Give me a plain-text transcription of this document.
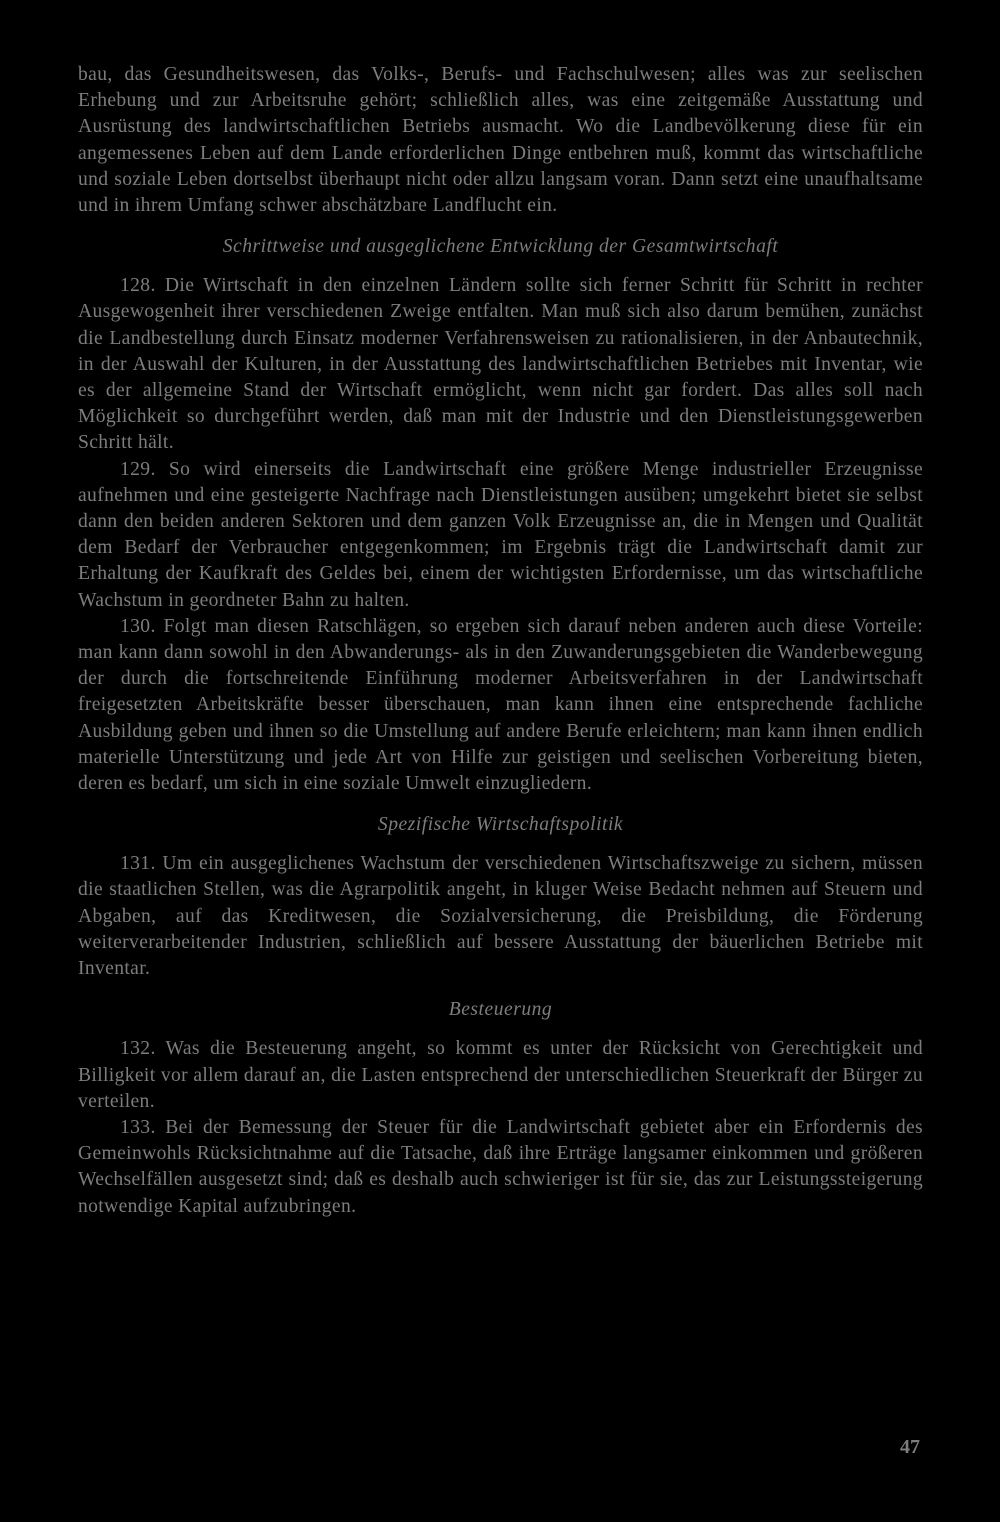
bau, das Gesundheitswesen, das Volks-, Berufs- und Fachschulwesen; alles was zur seelischen Erhebung und zur Arbeitsruhe gehört; schließlich alles, was eine zeitgemäße Ausstattung und Ausrüstung des landwirtschaftlichen Betriebs ausmacht. Wo die Landbevölkerung diese für ein angemessenes Leben auf dem Lande erforderlichen Dinge entbehren muß, kommt das wirtschaftliche und soziale Leben dortselbst überhaupt nicht oder allzu langsam voran. Dann setzt eine unaufhaltsame und in ihrem Umfang schwer abschätzbare Landflucht ein.

Schrittweise und ausgeglichene Entwicklung der Gesamtwirtschaft

128. Die Wirtschaft in den einzelnen Ländern sollte sich ferner Schritt für Schritt in rechter Ausgewogenheit ihrer verschiedenen Zweige entfalten. Man muß sich also darum bemühen, zunächst die Landbestellung durch Einsatz moderner Verfahrensweisen zu rationalisieren, in der Anbautechnik, in der Auswahl der Kulturen, in der Ausstattung des landwirtschaftlichen Betriebes mit Inventar, wie es der allgemeine Stand der Wirtschaft ermöglicht, wenn nicht gar fordert. Das alles soll nach Möglichkeit so durchgeführt werden, daß man mit der Industrie und den Dienstleistungsgewerben Schritt hält.

129. So wird einerseits die Landwirtschaft eine größere Menge industrieller Erzeugnisse aufnehmen und eine gesteigerte Nachfrage nach Dienstleistungen ausüben; umgekehrt bietet sie selbst dann den beiden anderen Sektoren und dem ganzen Volk Erzeugnisse an, die in Mengen und Qualität dem Bedarf der Verbraucher entgegenkommen; im Ergebnis trägt die Landwirtschaft damit zur Erhaltung der Kaufkraft des Geldes bei, einem der wichtigsten Erfordernisse, um das wirtschaftliche Wachstum in geordneter Bahn zu halten.

130. Folgt man diesen Ratschlägen, so ergeben sich darauf neben anderen auch diese Vorteile: man kann dann sowohl in den Abwanderungs- als in den Zuwanderungsgebieten die Wanderbewegung der durch die fortschreitende Einführung moderner Arbeitsverfahren in der Landwirtschaft freigesetzten Arbeitskräfte besser überschauen, man kann ihnen eine entsprechende fachliche Ausbildung geben und ihnen so die Umstellung auf andere Berufe erleichtern; man kann ihnen endlich materielle Unterstützung und jede Art von Hilfe zur geistigen und seelischen Vorbereitung bieten, deren es bedarf, um sich in eine soziale Umwelt einzugliedern.

Spezifische Wirtschaftspolitik

131. Um ein ausgeglichenes Wachstum der verschiedenen Wirtschaftszweige zu sichern, müssen die staatlichen Stellen, was die Agrarpolitik angeht, in kluger Weise Bedacht nehmen auf Steuern und Abgaben, auf das Kreditwesen, die Sozialversicherung, die Preisbildung, die Förderung weiterverarbeitender Industrien, schließlich auf bessere Ausstattung der bäuerlichen Betriebe mit Inventar.

Besteuerung

132. Was die Besteuerung angeht, so kommt es unter der Rücksicht von Gerechtigkeit und Billigkeit vor allem darauf an, die Lasten entsprechend der unterschiedlichen Steuerkraft der Bürger zu verteilen.

133. Bei der Bemessung der Steuer für die Landwirtschaft gebietet aber ein Erfordernis des Gemeinwohls Rücksichtnahme auf die Tatsache, daß ihre Erträge langsamer einkommen und größeren Wechselfällen ausgesetzt sind; daß es deshalb auch schwieriger ist für sie, das zur Leistungssteigerung notwendige Kapital aufzubringen.

47
